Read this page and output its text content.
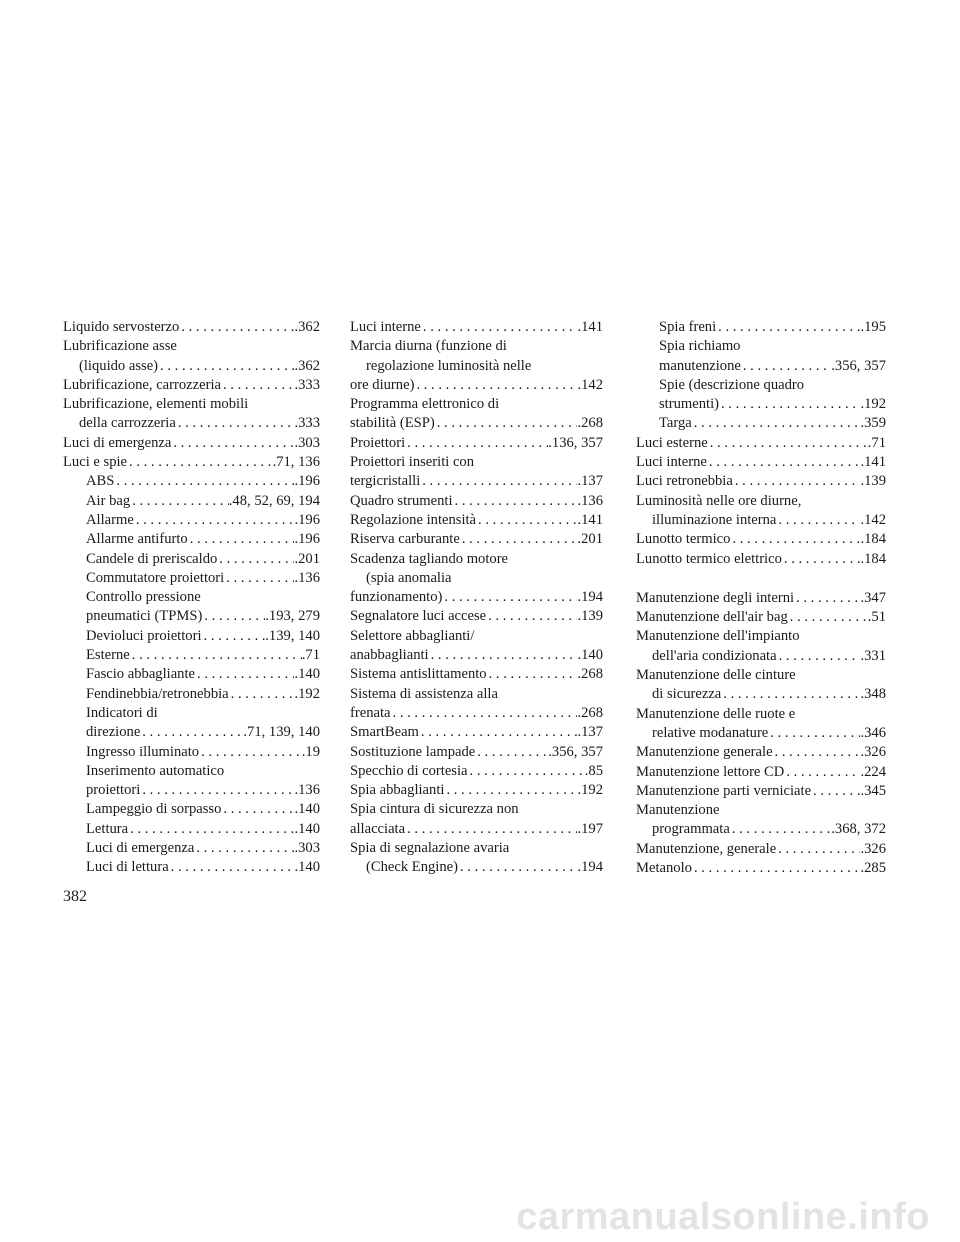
Liquido servosterzo . . .	.362
Lubrificazione asse
(liquido asse) . . .	.362
Lubrificazione, carrozzeria . . .	.333
Lubrificazione, elementi mobili
della carrozzeria . . .	.333
Luci di emergenza . . .	.303
Luci e spie . . .	.71, 136
ABS . . .	.196
Air bag . . .	.48, 52, 69, 194
Allarme . . .	.196
Allarme antifurto . . .	.196
Candele di preriscaldo . . .	.201
Commutatore proiettori . . .	.136
Controllo pressione
pneumatici (TPMS) . . .	.193, 279
Devioluci proiettori . . .	.139, 140
Esterne . . .	.71
Fascio abbagliante . . .	.140
Fendinebbia/retronebbia . . .	.192
Indicatori di
direzione . . .	.71, 139, 140
Ingresso illuminato . . .	.19
Inserimento automatico
proiettori . . .	.136
Lampeggio di sorpasso . . .	.140
Lettura . . .	.140
Luci di emergenza . . .	.303
Luci di lettura . . .	.140
Luci interne . . .	.141
Marcia diurna (funzione di
regolazione luminosità nelle
ore diurne) . . .	.142
Programma elettronico di
stabilità (ESP) . . .	.268
Proiettori . . .	.136, 357
Proiettori inseriti con
tergicristalli . . .	.137
Quadro strumenti . . .	.136
Regolazione intensità . . .	.141
Riserva carburante . . .	.201
Scadenza tagliando motore
(spia anomalia
funzionamento) . . .	.194
Segnalatore luci accese . . .	.139
Selettore abbaglianti/
anabbaglianti . . .	.140
Sistema antislittamento . . .	.268
Sistema di assistenza alla
frenata . . .	.268
SmartBeam . . .	.137
Sostituzione lampade . . .	.356, 357
Specchio di cortesia . . .	.85
Spia abbaglianti . . .	.192
Spia cintura di sicurezza non
allacciata . . .	.197
Spia di segnalazione avaria
(Check Engine) . . .	.194
Spia freni . . .	.195
Spia richiamo
manutenzione . . .	.356, 357
Spie (descrizione quadro
strumenti) . . .	.192
Targa . . .	.359
Luci esterne . . .	.71
Luci interne . . .	.141
Luci retronebbia . . .	.139
Luminosità nelle ore diurne,
illuminazione interna . . .	.142
Lunotto termico . . .	.184
Lunotto termico elettrico . . .	.184
Manutenzione degli interni . . .	.347
Manutenzione dell'air bag . . .	.51
Manutenzione dell'impianto
dell'aria condizionata . . .	.331
Manutenzione delle cinture
di sicurezza . . .	.348
Manutenzione delle ruote e
relative modanature . . .	.346
Manutenzione generale . . .	.326
Manutenzione lettore CD . . .	.224
Manutenzione parti verniciate . . .	.345
Manutenzione
programmata . . .	.368, 372
Manutenzione, generale . . .	.326
Metanolo . . .	.285
382
carmanualsonline.info
